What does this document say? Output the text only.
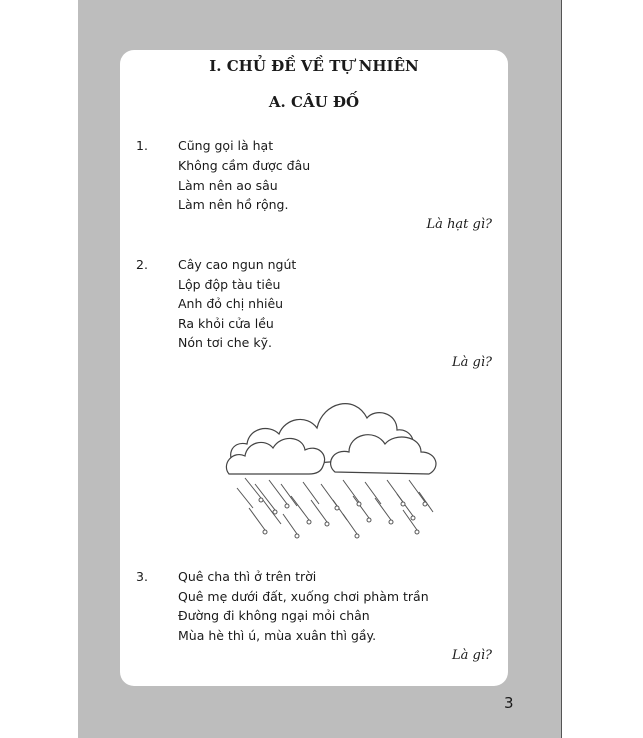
I. CHỦ ĐỀ VỀ TỰ NHIÊN
A. CÂU ĐỐ
1. Cũng gọi là hạt
Không cầm được đâu
Làm nên ao sâu
Làm nên hồ rộng.
Là hạt gì?
2. Cây cao ngun ngút
Lộp độp tàu tiêu
Anh đỏ chị nhiêu
Ra khỏi cửa lều
Nón tơi che kỹ.
Là gì?
3. Quê cha thì ở trên trời
Quê mẹ dưới đất, xuống chơi phàm trần
Đường đi không ngại mỏi chân
Mùa hè thì ú, mùa xuân thì gầy.
Là gì?
3
